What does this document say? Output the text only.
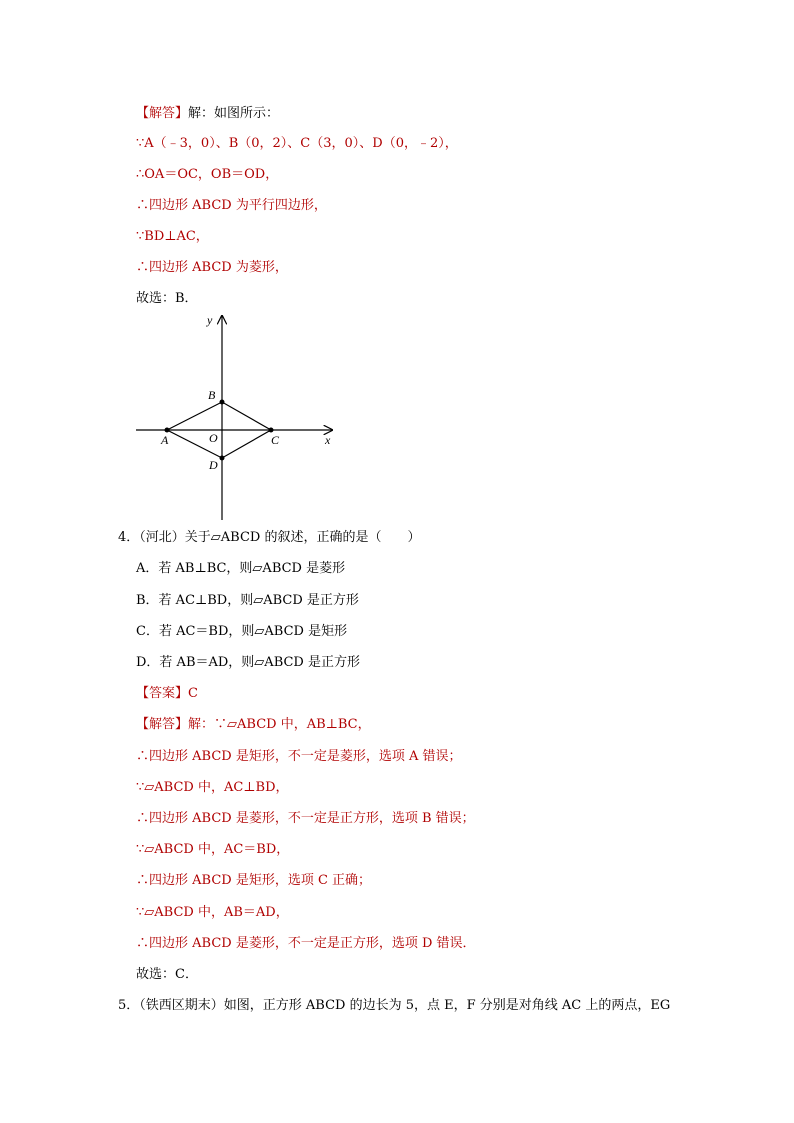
【解答】解：如图所示：
∵A（﹣3，0）、B（0，2）、C（3，0）、D（0，﹣2），
∴OA＝OC，OB＝OD，
∴四边形 ABCD 为平行四边形，
∵BD⊥AC，
∴四边形 ABCD 为菱形，
故选：B．
y
x
A
B
C
D
O
4．（河北）关于▱ABCD 的叙述，正确的是（　　）
A．若 AB⊥BC，则▱ABCD 是菱形
B．若 AC⊥BD，则▱ABCD 是正方形
C．若 AC＝BD，则▱ABCD 是矩形
D．若 AB＝AD，则▱ABCD 是正方形
【答案】C
【解答】解：∵▱ABCD 中，AB⊥BC，
∴四边形 ABCD 是矩形，不一定是菱形，选项 A 错误；
∵▱ABCD 中，AC⊥BD，
∴四边形 ABCD 是菱形，不一定是正方形，选项 B 错误；
∵▱ABCD 中，AC＝BD，
∴四边形 ABCD 是矩形，选项 C 正确；
∵▱ABCD 中，AB＝AD，
∴四边形 ABCD 是菱形，不一定是正方形，选项 D 错误．
故选：C．
5．（铁西区期末）如图，正方形 ABCD 的边长为 5，点 E，F 分别是对角线 AC 上的两点，EG
